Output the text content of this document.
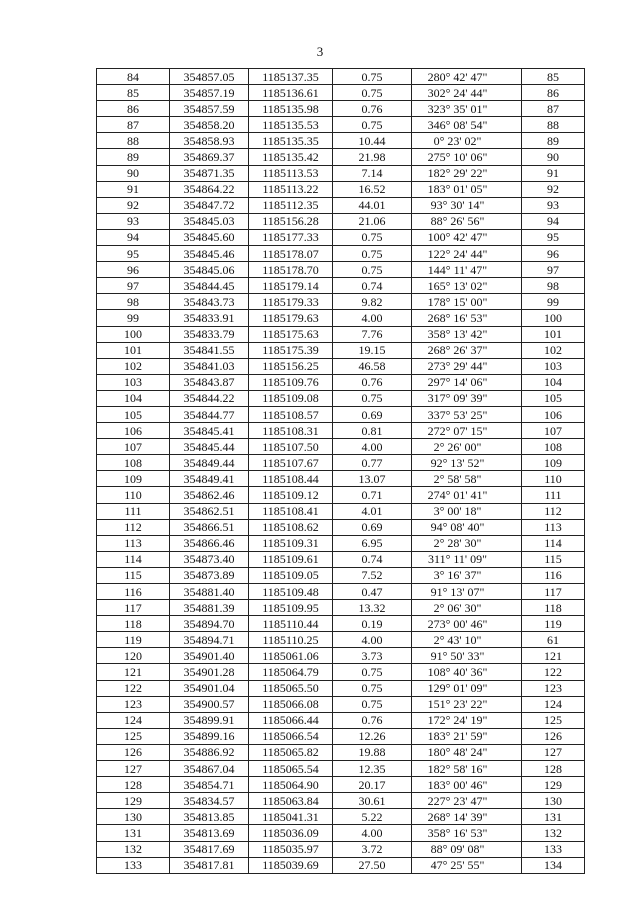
3
84	354857.05	1185137.35	0.75	280° 42' 47"	85
85	354857.19	1185136.61	0.75	302° 24' 44"	86
86	354857.59	1185135.98	0.76	323° 35' 01"	87
87	354858.20	1185135.53	0.75	346° 08' 54"	88
88	354858.93	1185135.35	10.44	0° 23' 02"	89
89	354869.37	1185135.42	21.98	275° 10' 06"	90
90	354871.35	1185113.53	7.14	182° 29' 22"	91
91	354864.22	1185113.22	16.52	183° 01' 05"	92
92	354847.72	1185112.35	44.01	93° 30' 14"	93
93	354845.03	1185156.28	21.06	88° 26' 56"	94
94	354845.60	1185177.33	0.75	100° 42' 47"	95
95	354845.46	1185178.07	0.75	122° 24' 44"	96
96	354845.06	1185178.70	0.75	144° 11' 47"	97
97	354844.45	1185179.14	0.74	165° 13' 02"	98
98	354843.73	1185179.33	9.82	178° 15' 00"	99
99	354833.91	1185179.63	4.00	268° 16' 53"	100
100	354833.79	1185175.63	7.76	358° 13' 42"	101
101	354841.55	1185175.39	19.15	268° 26' 37"	102
102	354841.03	1185156.25	46.58	273° 29' 44"	103
103	354843.87	1185109.76	0.76	297° 14' 06"	104
104	354844.22	1185109.08	0.75	317° 09' 39"	105
105	354844.77	1185108.57	0.69	337° 53' 25"	106
106	354845.41	1185108.31	0.81	272° 07' 15"	107
107	354845.44	1185107.50	4.00	2° 26' 00"	108
108	354849.44	1185107.67	0.77	92° 13' 52"	109
109	354849.41	1185108.44	13.07	2° 58' 58"	110
110	354862.46	1185109.12	0.71	274° 01' 41"	111
111	354862.51	1185108.41	4.01	3° 00' 18"	112
112	354866.51	1185108.62	0.69	94° 08' 40"	113
113	354866.46	1185109.31	6.95	2° 28' 30"	114
114	354873.40	1185109.61	0.74	311° 11' 09"	115
115	354873.89	1185109.05	7.52	3° 16' 37"	116
116	354881.40	1185109.48	0.47	91° 13' 07"	117
117	354881.39	1185109.95	13.32	2° 06' 30"	118
118	354894.70	1185110.44	0.19	273° 00' 46"	119
119	354894.71	1185110.25	4.00	2° 43' 10"	61
120	354901.40	1185061.06	3.73	91° 50' 33"	121
121	354901.28	1185064.79	0.75	108° 40' 36"	122
122	354901.04	1185065.50	0.75	129° 01' 09"	123
123	354900.57	1185066.08	0.75	151° 23' 22"	124
124	354899.91	1185066.44	0.76	172° 24' 19"	125
125	354899.16	1185066.54	12.26	183° 21' 59"	126
126	354886.92	1185065.82	19.88	180° 48' 24"	127
127	354867.04	1185065.54	12.35	182° 58' 16"	128
128	354854.71	1185064.90	20.17	183° 00' 46"	129
129	354834.57	1185063.84	30.61	227° 23' 47"	130
130	354813.85	1185041.31	5.22	268° 14' 39"	131
131	354813.69	1185036.09	4.00	358° 16' 53"	132
132	354817.69	1185035.97	3.72	88° 09' 08"	133
133	354817.81	1185039.69	27.50	47° 25' 55"	134
